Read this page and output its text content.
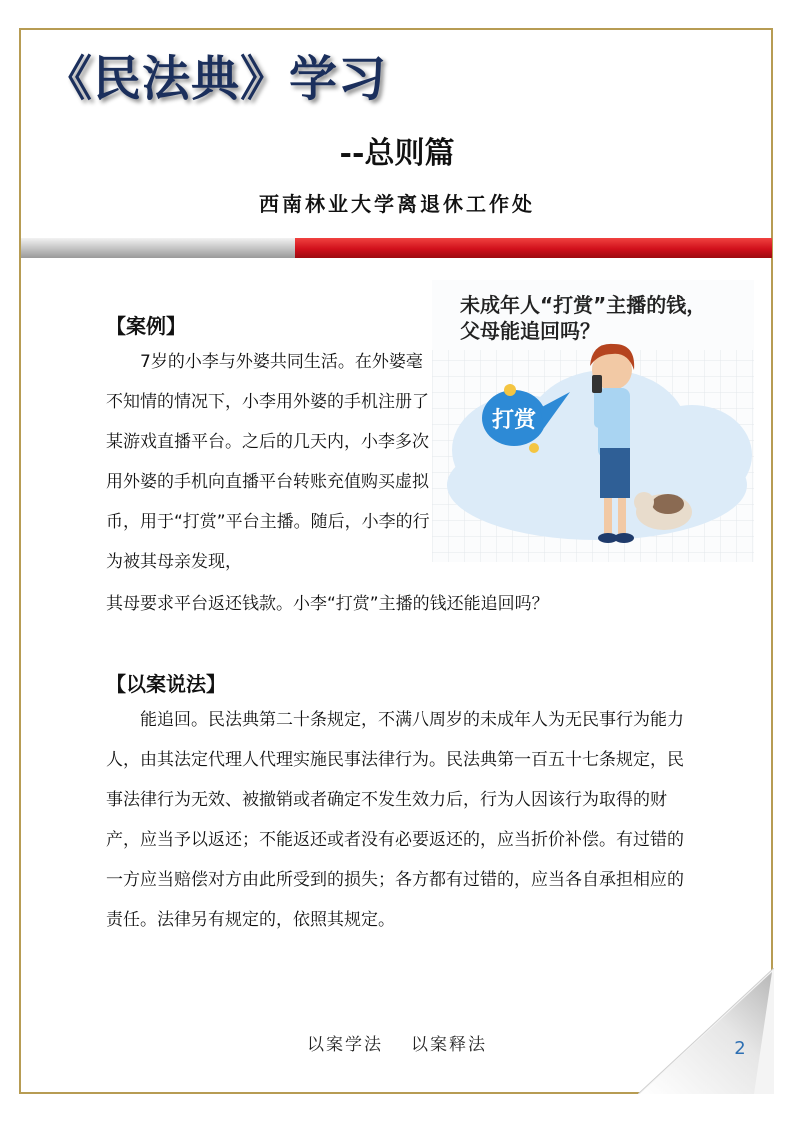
《民法典》学习
--总则篇
西南林业大学离退休工作处
【案例】

7岁的小李与外婆共同生活。在外婆毫不知情的情况下，小李用外婆的手机注册了某游戏直播平台。之后的几天内，小李多次用外婆的手机向直播平台转账充值购买虚拟币，用于“打赏”平台主播。随后，小李的行为被其母亲发现，

其母要求平台返还钱款。小李“打赏”主播的钱还能追回吗？
未成年人“打赏”主播的钱，
父母能追回吗？
打赏
【以案说法】

能追回。民法典第二十条规定，不满八周岁的未成年人为无民事行为能力人，由其法定代理人代理实施民事法律行为。民法典第一百五十七条规定，民事法律行为无效、被撤销或者确定不发生效力后，行为人因该行为取得的财产，应当予以返还；不能返还或者没有必要返还的，应当折价补偿。有过错的一方应当赔偿对方由此所受到的损失；各方都有过错的，应当各自承担相应的责任。法律另有规定的，依照其规定。

以案学法 以案释法	2
